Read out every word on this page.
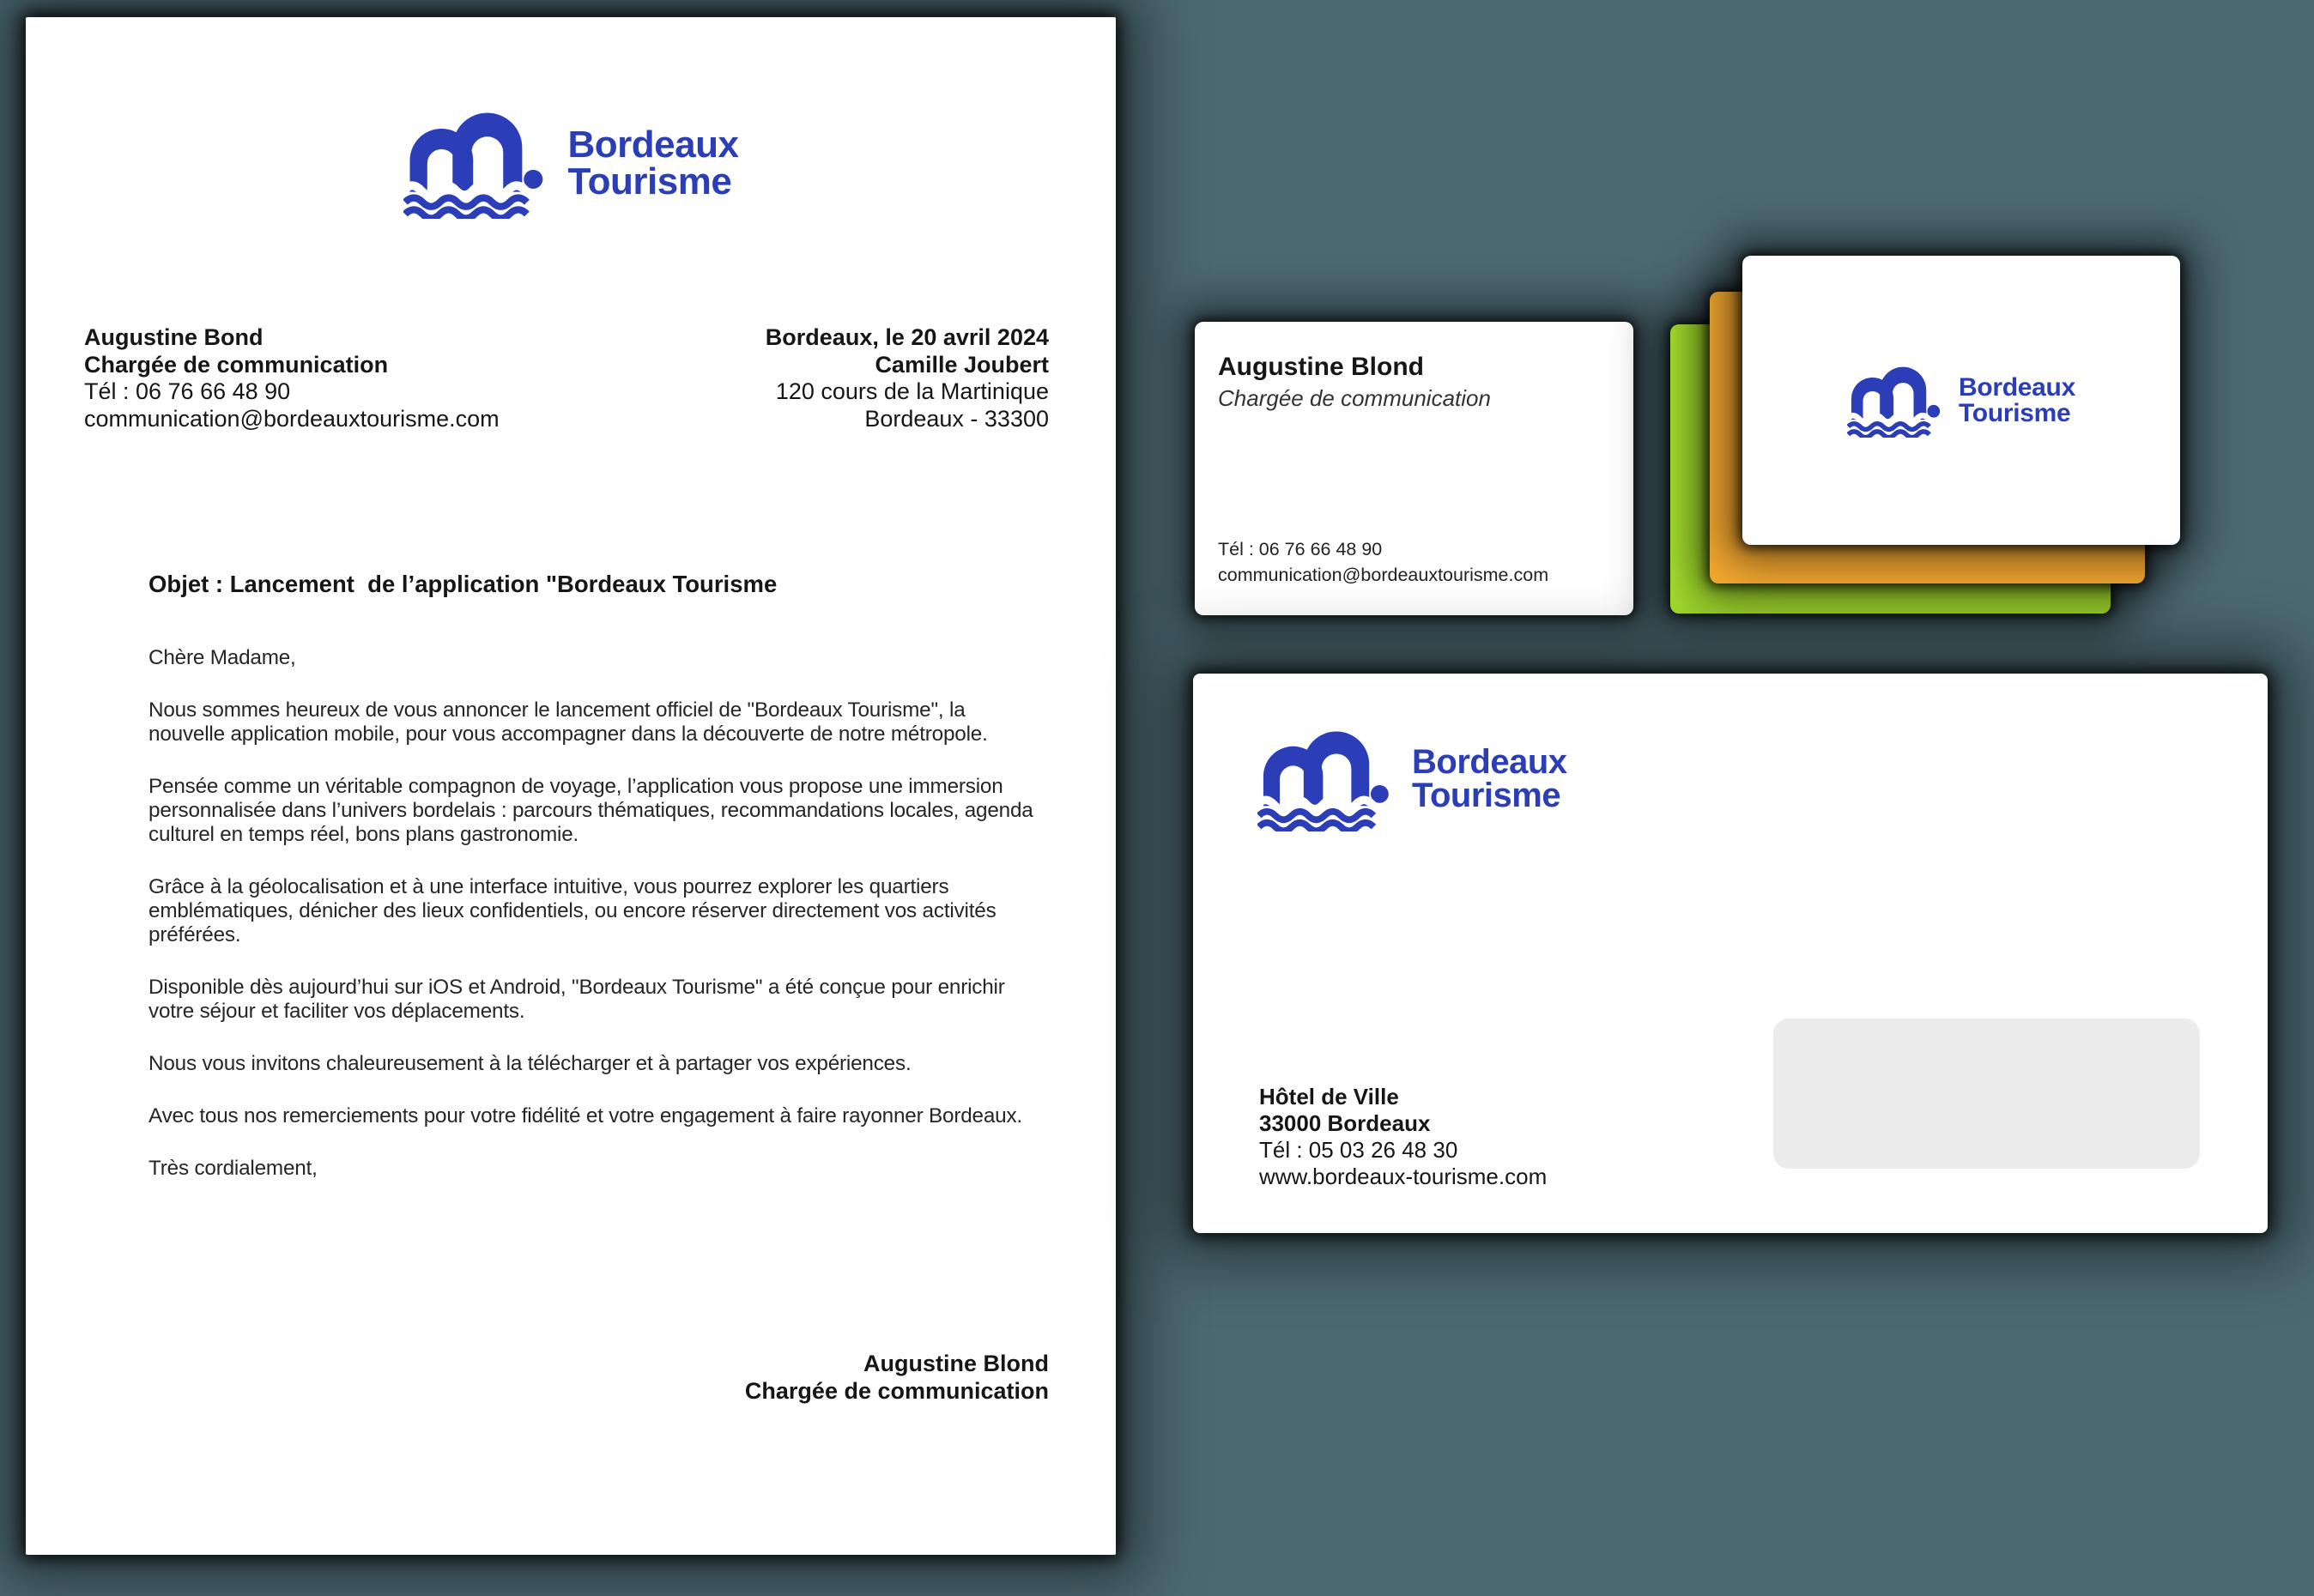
Bordeaux
Tourisme
Augustine Bond
Chargée de communication
Tél : 06 76 66 48 90
communication@bordeauxtourisme.com
Bordeaux, le 20 avril 2024
Camille Joubert
120 cours de la Martinique
Bordeaux - 33300
Objet : Lancement  de l’application "Bordeaux Tourisme

Chère Madame,

Nous sommes heureux de vous annoncer le lancement officiel de "Bordeaux Tourisme", la nouvelle application mobile, pour vous accompagner dans la découverte de notre métropole.

Pensée comme un véritable compagnon de voyage, l’application vous propose une immersion personnalisée dans l’univers bordelais : parcours thématiques, recommandations locales, agenda culturel en temps réel, bons plans gastronomie.

Grâce à la géolocalisation et à une interface intuitive, vous pourrez explorer les quartiers emblématiques, dénicher des lieux confidentiels, ou encore réserver directement vos activités préférées.

Disponible dès aujourd’hui sur iOS et Android, "Bordeaux Tourisme" a été conçue pour enrichir votre séjour et faciliter vos déplacements.

Nous vous invitons chaleureusement à la télécharger et à partager vos expériences.

Avec tous nos remerciements pour votre fidélité et votre engagement à faire rayonner Bordeaux.

Très cordialement,

Augustine Blond
Chargée de communication
Augustine Blond
Chargée de communication
Tél : 06 76 66 48 90
communication@bordeauxtourisme.com
Bordeaux
Tourisme
Bordeaux
Tourisme
Hôtel de Ville
33000 Bordeaux
Tél : 05 03 26 48 30
www.bordeaux-tourisme.com
